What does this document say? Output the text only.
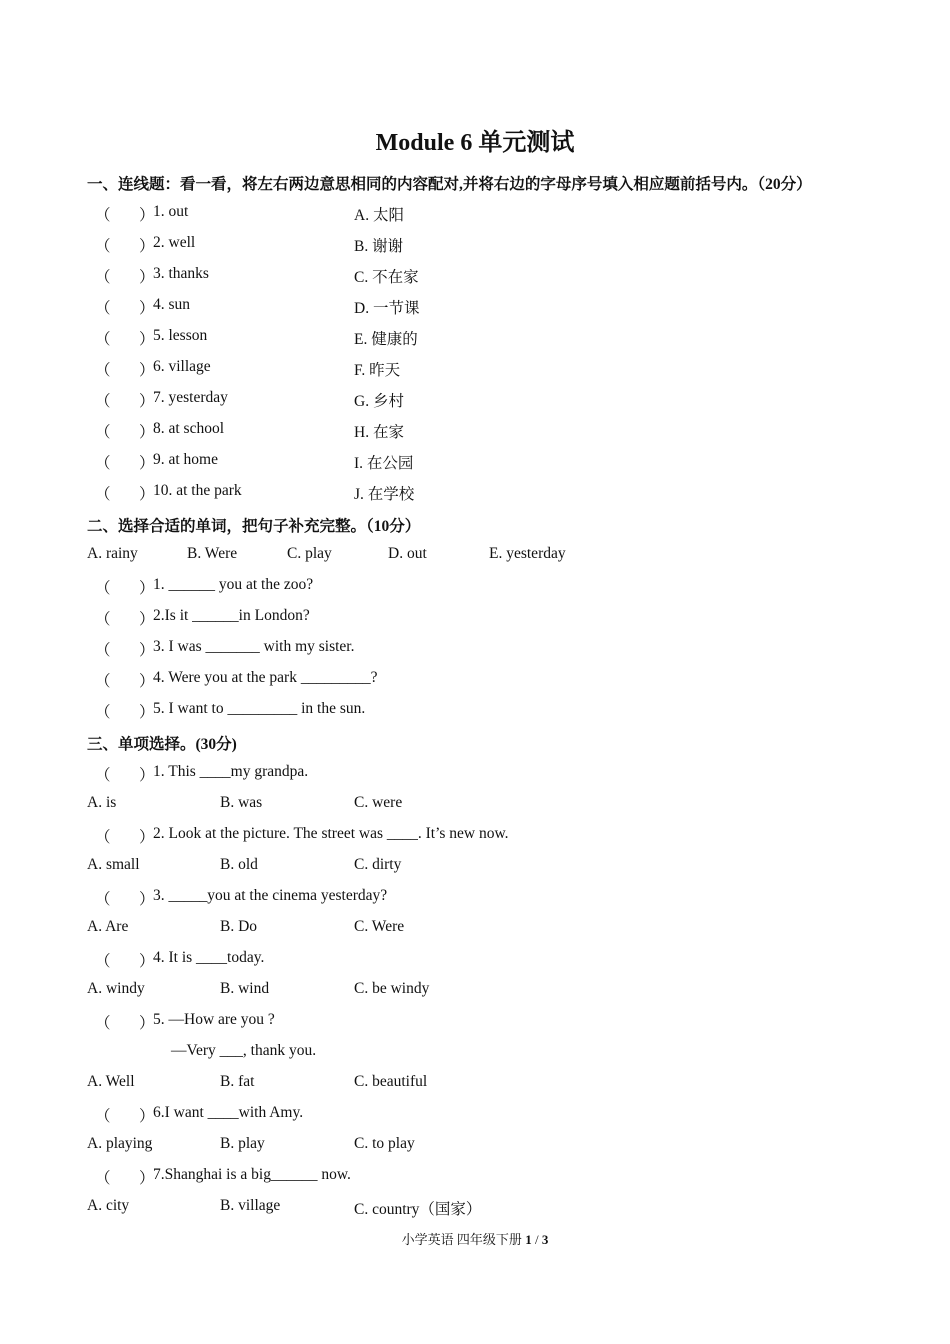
Module 6 单元测试
一、连线题：看一看，将左右两边意思相同的内容配对,并将右边的字母序号填入相应题前括号内。（20分）
（ ）
1. out	A. 太阳
（ ）
2. well	B. 谢谢
（ ）
3. thanks	C. 不在家
（ ）
4. sun	D. 一节课
（ ）
5. lesson	E. 健康的
（ ）
6. village	F. 昨天
（ ）
7. yesterday	G. 乡村
（ ）
8. at school	H. 在家
（ ）
9. at home	I. 在公园
（ ）
10. at the park	J. 在学校
二、选择合适的单词，把句子补充完整。（10分）
A. rainy	B. Were	C. play	D. out	E. yesterday
（ ）
1. ______ you at the zoo?
（ ）
2.Is it ______in London?
（ ）
3. I was _______ with my sister.
（ ）
4. Were you at the park _________?
（ ）
5. I want to _________ in the sun.
三、单项选择。(30分)
（ ）
1. This ____my grandpa.
A. is	B. was	C. were
（ ）
2. Look at the picture. The street was ____. It’s new now.
A. small	B. old	C. dirty
（ ）
3. _____you at the cinema yesterday?
A. Are	B. Do	C. Were
（ ）
4. It is ____today.
A. windy	B. wind	C. be windy
（ ）
5. —How are you ?
—Very ___, thank you.
A. Well	B. fat	C. beautiful
（ ）
6.I want ____with Amy.
A. playing	B. play	C. to play
（ ）
7.Shanghai is a big______ now.
A. city	B. village	C. country（国家）
小学英语 四年级下册 1 / 3
